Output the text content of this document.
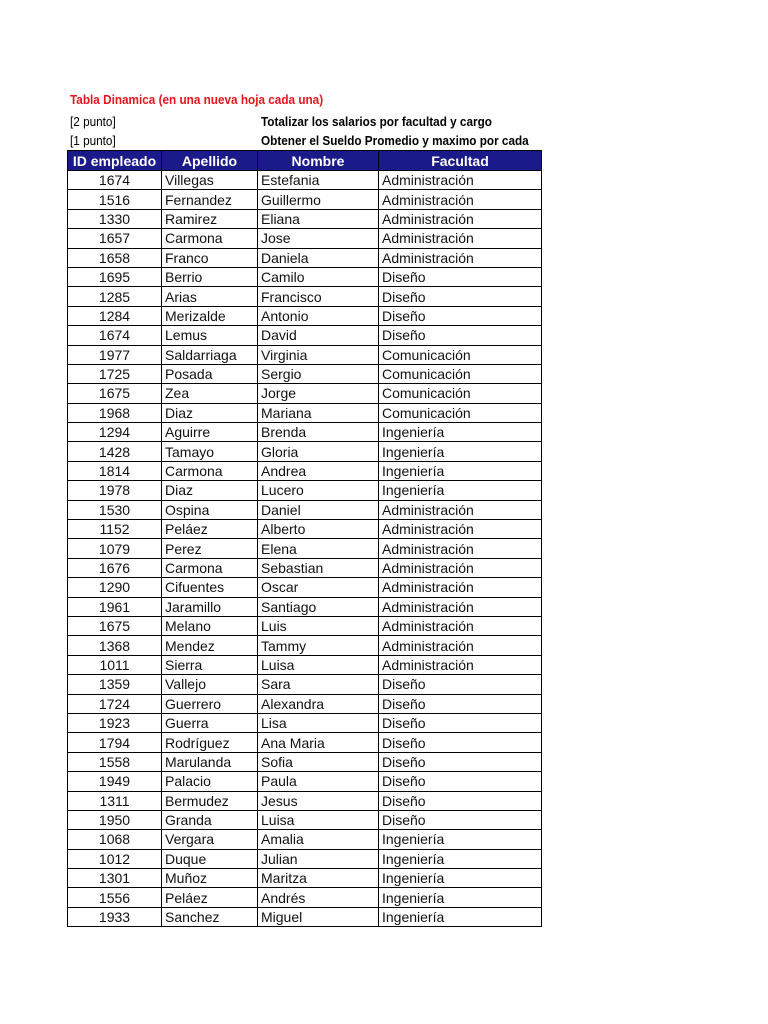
Tabla Dinamica (en una nueva hoja cada una)
[2 punto]	Totalizar los salarios por facultad y cargo
[1 punto]	Obtener el Sueldo Promedio y maximo por cada
ID empleado	Apellido	Nombre	Facultad
1674	Villegas	Estefania	Administración
1516	Fernandez	Guillermo	Administración
1330	Ramirez	Eliana	Administración
1657	Carmona	Jose	Administración
1658	Franco	Daniela	Administración
1695	Berrio	Camilo	Diseño
1285	Arias	Francisco	Diseño
1284	Merizalde	Antonio	Diseño
1674	Lemus	David	Diseño
1977	Saldarriaga	Virginia	Comunicación
1725	Posada	Sergio	Comunicación
1675	Zea	Jorge	Comunicación
1968	Diaz	Mariana	Comunicación
1294	Aguirre	Brenda	Ingeniería
1428	Tamayo	Gloria	Ingeniería
1814	Carmona	Andrea	Ingeniería
1978	Diaz	Lucero	Ingeniería
1530	Ospina	Daniel	Administración
1152	Peláez	Alberto	Administración
1079	Perez	Elena	Administración
1676	Carmona	Sebastian	Administración
1290	Cifuentes	Oscar	Administración
1961	Jaramillo	Santiago	Administración
1675	Melano	Luis	Administración
1368	Mendez	Tammy	Administración
1011	Sierra	Luisa	Administración
1359	Vallejo	Sara	Diseño
1724	Guerrero	Alexandra	Diseño
1923	Guerra	Lisa	Diseño
1794	Rodríguez	Ana Maria	Diseño
1558	Marulanda	Sofia	Diseño
1949	Palacio	Paula	Diseño
1311	Bermudez	Jesus	Diseño
1950	Granda	Luisa	Diseño
1068	Vergara	Amalia	Ingeniería
1012	Duque	Julian	Ingeniería
1301	Muñoz	Maritza	Ingeniería
1556	Peláez	Andrés	Ingeniería
1933	Sanchez	Miguel	Ingeniería
